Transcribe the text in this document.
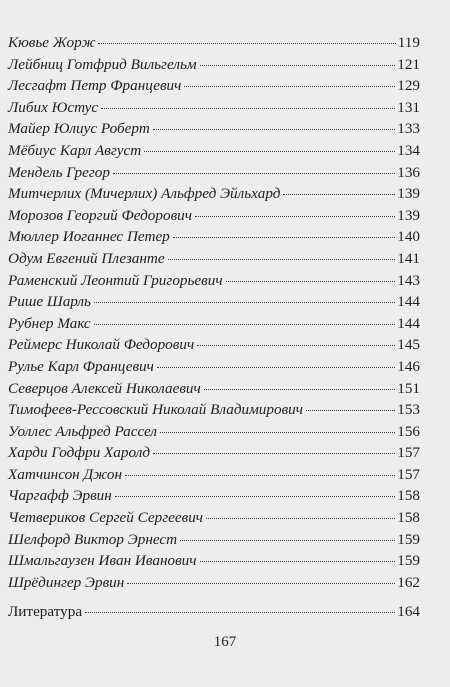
Кювье Жорж	119
Лейбниц Готфрид Вильгельм	121
Лесгафт Петр Францевич	129
Либих Юстус	131
Майер Юлиус Роберт	133
Мёбиус Карл Август	134
Мендель Грегор	136
Митчерлих (Мичерлих) Альфред Эйльхард	139
Морозов Георгий Федорович	139
Мюллер Иоганнес Петер	140
Одум Евгений Плезанте	141
Раменский Леонтий Григорьевич	143
Рише Шарль	144
Рубнер Макс	144
Реймерс Николай Федорович	145
Рулье Карл Францевич	146
Северцов Алексей Николаевич	151
Тимофеев-Рессовский Николай Владимирович	153
Уоллес Альфред Рассел	156
Харди Годфри Харолд	157
Хатчинсон Джон	157
Чаргафф Эрвин	158
Четвериков Сергей Сергеевич	158
Шелфорд Виктор Эрнест	159
Шмальгаузен Иван Иванович	159
Шрёдингер Эрвин	162
Литература	164
167
